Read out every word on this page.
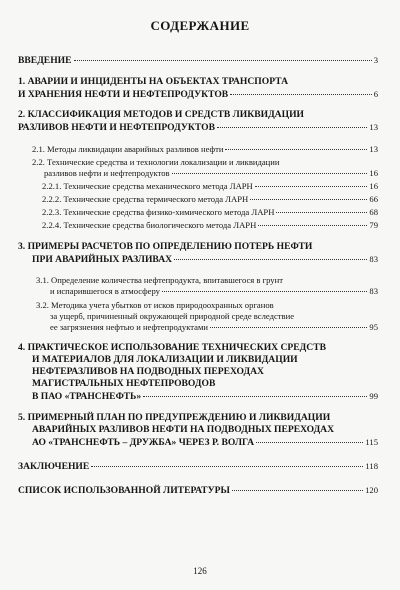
СОДЕРЖАНИЕ
ВВЕДЕНИЕ	3
1. АВАРИИ И ИНЦИДЕНТЫ НА ОБЪЕКТАХ ТРАНСПОРТА
И ХРАНЕНИЯ НЕФТИ И НЕФТЕПРОДУКТОВ	6
2. КЛАССИФИКАЦИЯ МЕТОДОВ И СРЕДСТВ ЛИКВИДАЦИИ
РАЗЛИВОВ НЕФТИ И НЕФТЕПРОДУКТОВ	13
2.1. Методы ликвидации аварийных разливов нефти	13
2.2. Технические средства и технологии локализации и ликвидации
разливов нефти и нефтепродуктов	16
2.2.1. Технические средства механического метода ЛАРН	16
2.2.2. Технические средства термического метода ЛАРН	66
2.2.3. Технические средства физико-химического метода ЛАРН	68
2.2.4. Технические средства биологического метода ЛАРН	79
3. ПРИМЕРЫ РАСЧЕТОВ ПО ОПРЕДЕЛЕНИЮ ПОТЕРЬ НЕФТИ
ПРИ АВАРИЙНЫХ РАЗЛИВАХ	83
3.1. Определение количества нефтепродукта, впитавшегося в грунт
и испарившегося в атмосферу	83
3.2. Методика учета убытков от исков природоохранных органов
за ущерб, причиненный окружающей природной среде вследствие
ее загрязнения нефтью и нефтепродуктами	95
4. ПРАКТИЧЕСКОЕ ИСПОЛЬЗОВАНИЕ ТЕХНИЧЕСКИХ СРЕДСТВ
И МАТЕРИАЛОВ ДЛЯ ЛОКАЛИЗАЦИИ И ЛИКВИДАЦИИ
НЕФТЕРАЗЛИВОВ НА ПОДВОДНЫХ ПЕРЕХОДАХ
МАГИСТРАЛЬНЫХ НЕФТЕПРОВОДОВ
В ПАО «ТРАНСНЕФТЬ»	99
5. ПРИМЕРНЫЙ ПЛАН ПО ПРЕДУПРЕЖДЕНИЮ И ЛИКВИДАЦИИ
АВАРИЙНЫХ РАЗЛИВОВ НЕФТИ НА ПОДВОДНЫХ ПЕРЕХОДАХ
АО «ТРАНСНЕФТЬ – ДРУЖБА» ЧЕРЕЗ Р. ВОЛГА	115
ЗАКЛЮЧЕНИЕ	118
СПИСОК ИСПОЛЬЗОВАННОЙ ЛИТЕРАТУРЫ	120
126
